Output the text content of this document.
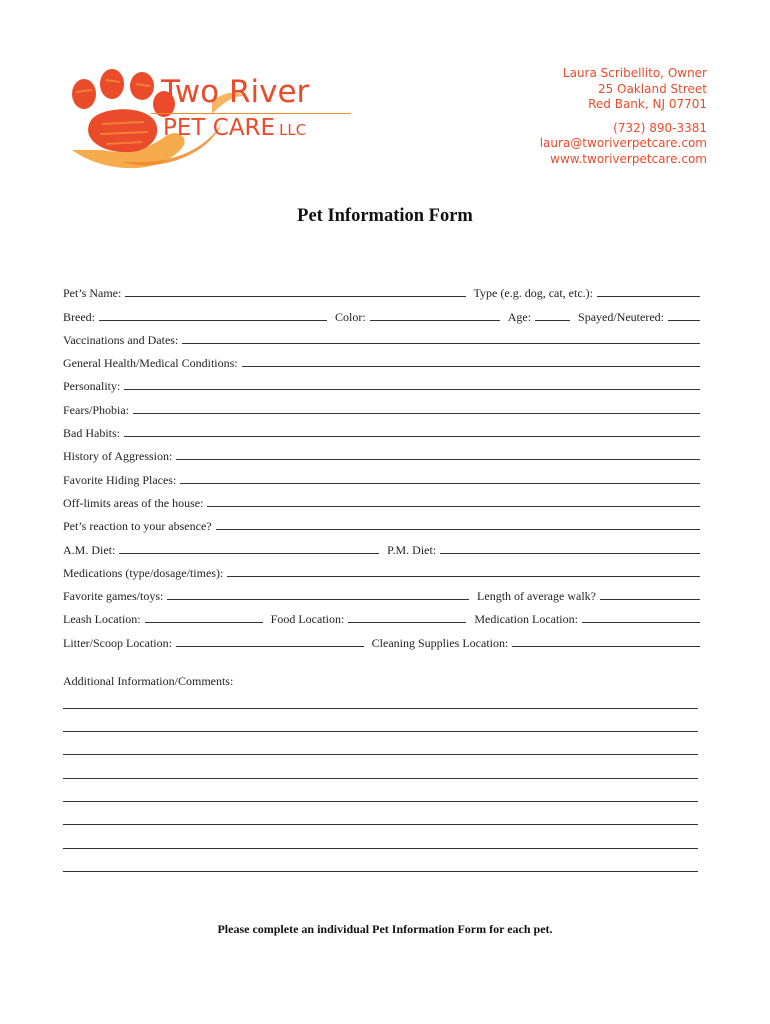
Two River
PET CARE LLC
Laura Scribellito, Owner
25 Oakland Street
Red Bank, NJ 07701
(732) 890-3381
laura@tworiverpetcare.com
www.tworiverpetcare.com
Pet Information Form
Pet’s Name:	Type (e.g. dog, cat, etc.):
Breed:	Color:	Age:	Spayed/Neutered:
Vaccinations and Dates:
General Health/Medical Conditions:
Personality:
Fears/Phobia:
Bad Habits:
History of Aggression:
Favorite Hiding Places:
Off-limits areas of the house:
Pet’s reaction to your absence?
A.M. Diet:	P.M. Diet:
Medications (type/dosage/times):
Favorite games/toys:	Length of average walk?
Leash Location:	Food Location:	Medication Location:
Litter/Scoop Location:	Cleaning Supplies Location:
Additional Information/Comments:
Please complete an individual Pet Information Form for each pet.
